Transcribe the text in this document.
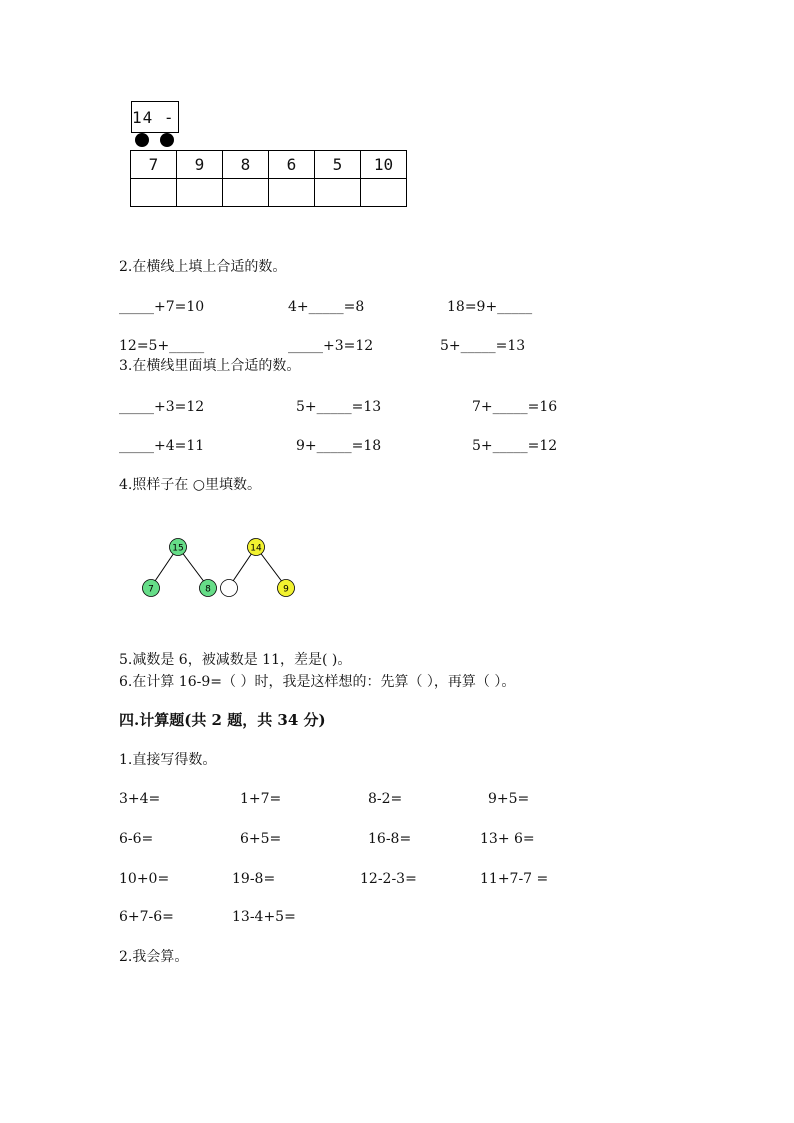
14 -
7	9	8	6	5	10

2.在横线上填上合适的数。
_____+7=10	4+_____=8	18=9+_____
12=5+_____	_____+3=12	5+_____=13
3.在横线里面填上合适的数。
_____+3=12	5+_____=13	7+_____=16
_____+4=11	9+_____=18	5+_____=12
4.照样子在 ○里填数。
15
7	8
14
9
5.减数是 6，被减数是 11，差是( )。
6.在计算 16-9=（ ）时，我是这样想的：先算（ ），再算（ ）。
四.计算题(共 2 题，共 34 分)
1.直接写得数。
3+4=	1+7=	8-2=	9+5=
6-6=	6+5=	16-8=	13+ 6=
10+0=	19-8=	12-2-3=	11+7-7 =
6+7-6=	13-4+5=
2.我会算。
